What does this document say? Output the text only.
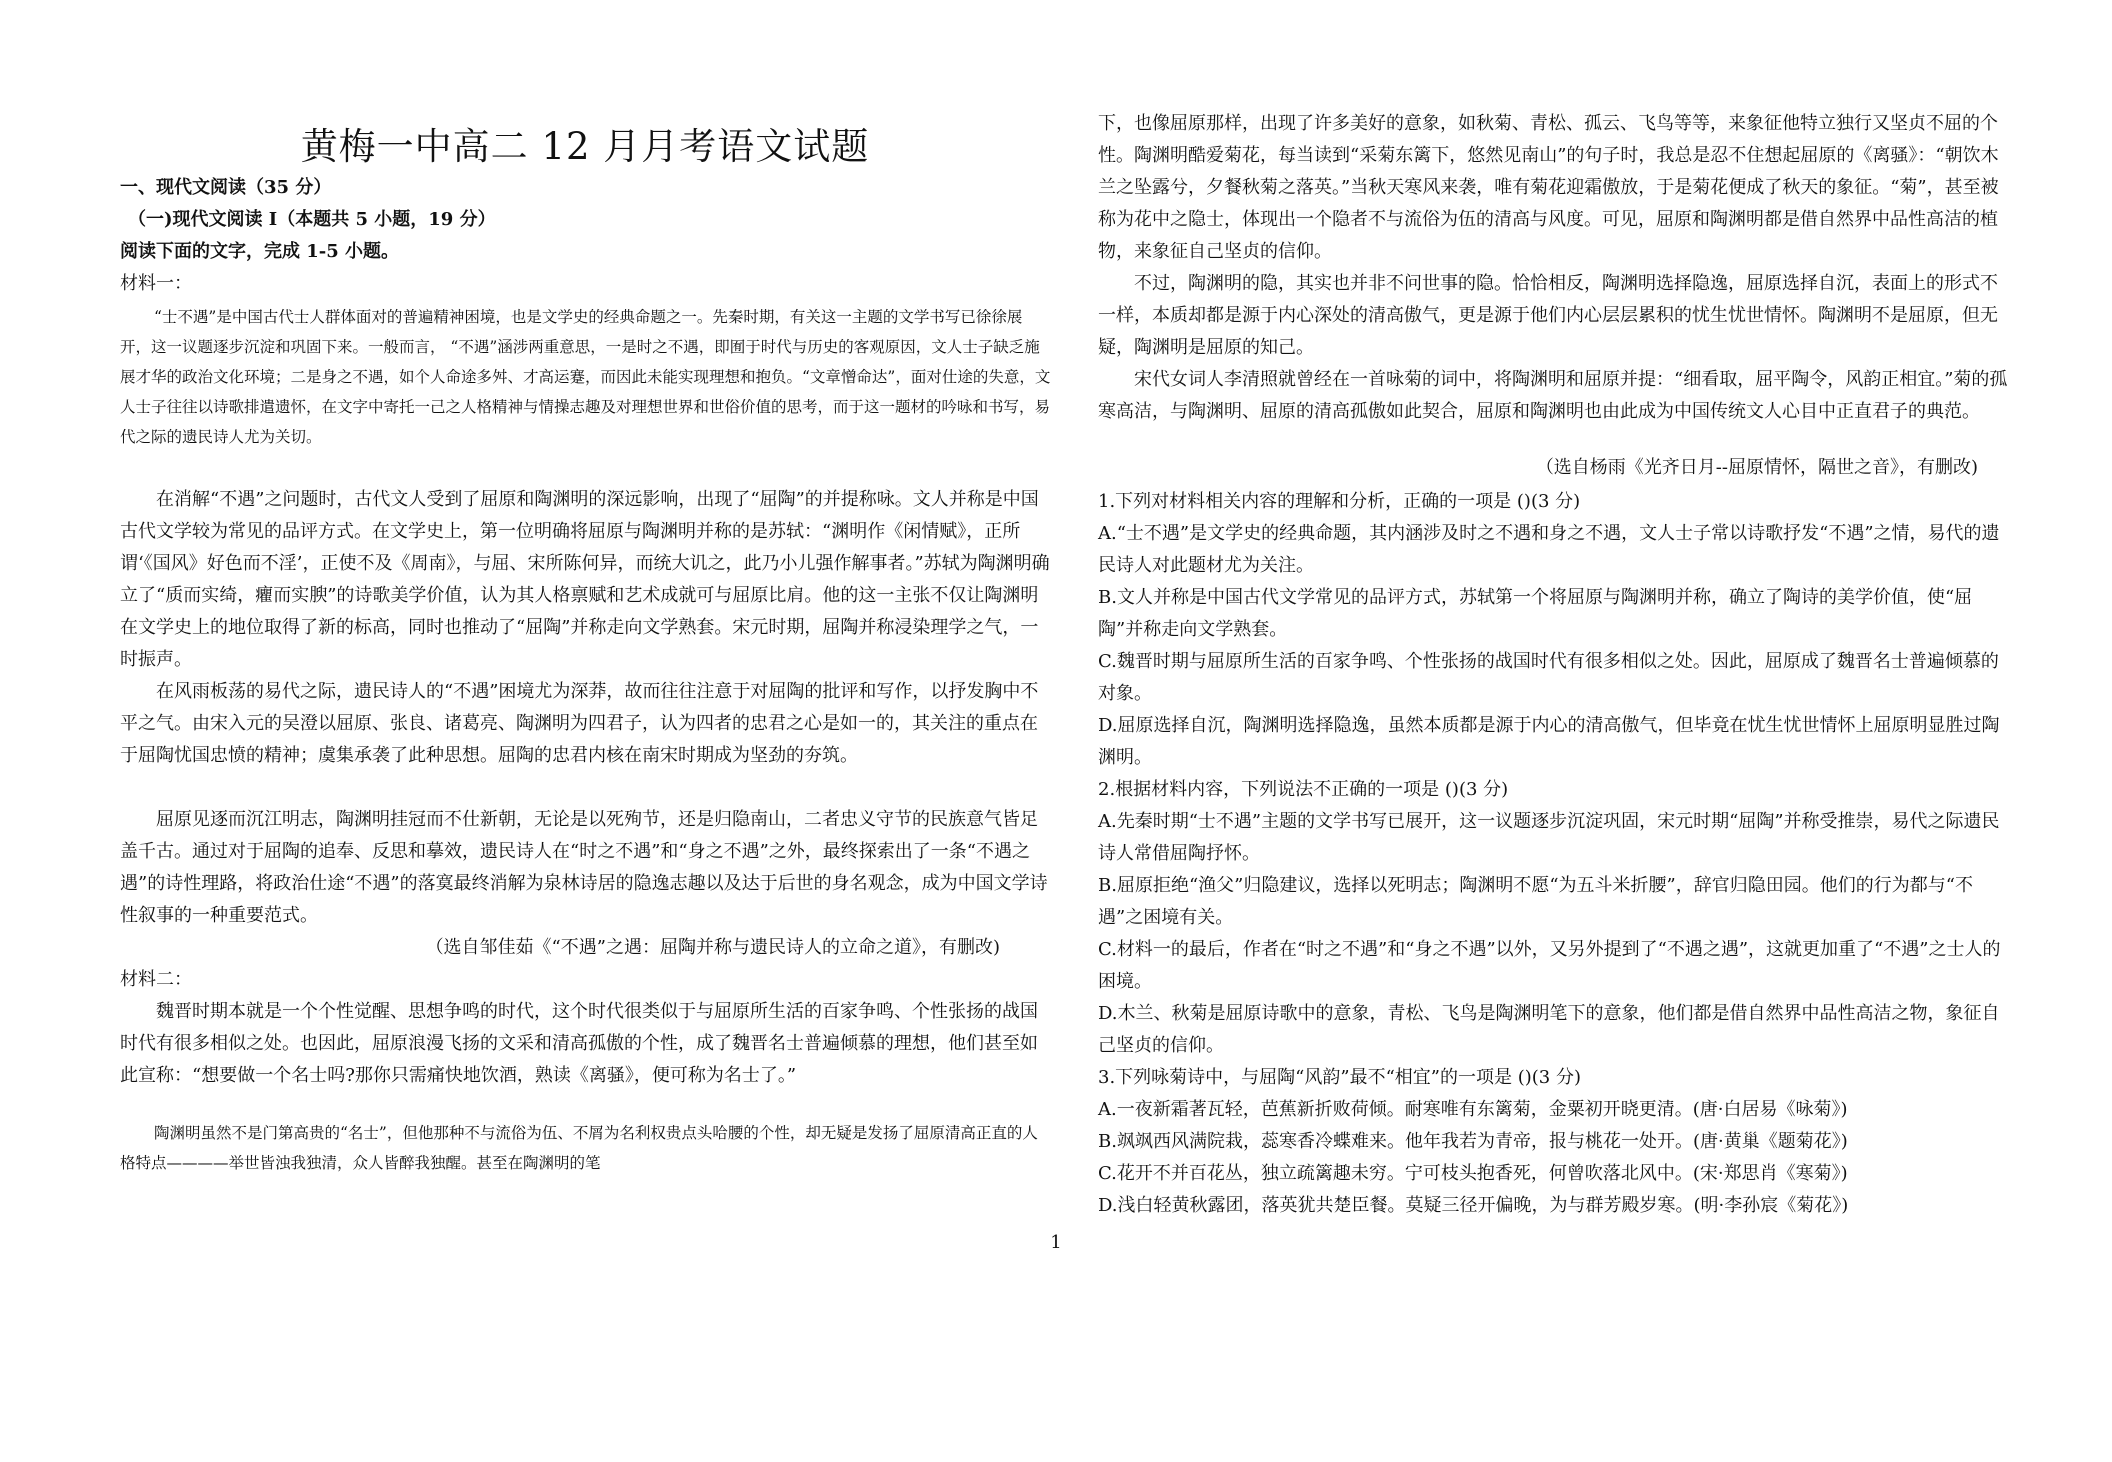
黄梅一中高二 12 月月考语文试题

一、现代文阅读（35 分）

（一)现代文阅读 I（本题共 5 小题，19 分）

阅读下面的文字，完成 1-5 小题。

材料一：

“士不遇”是中国古代士人群体面对的普遍精神困境，也是文学史的经典命题之一。先秦时期，有关这一主题的文学书写已徐徐展开，这一议题逐步沉淀和巩固下来。一般而言， “不遇”涵涉两重意思，一是时之不遇，即囿于时代与历史的客观原因，文人士子缺乏施展才华的政治文化环境；二是身之不遇，如个人命途多舛、才高运蹇，而因此未能实现理想和抱负。“文章憎命达”，面对仕途的失意，文人士子往往以诗歌排遣遗怀，在文字中寄托一己之人格精神与情操志趣及对理想世界和世俗价值的思考，而于这一题材的吟咏和书写，易代之际的遗民诗人尤为关切。

在消解“不遇”之问题时，古代文人受到了屈原和陶渊明的深远影响，出现了“屈陶”的并提称咏。文人并称是中国古代文学较为常见的品评方式。在文学史上，第一位明确将屈原与陶渊明并称的是苏轼：“渊明作《闲情赋》，正所谓‘《国风》好色而不淫’，正使不及《周南》，与屈、宋所陈何异，而统大讥之，此乃小儿强作解事者。”苏轼为陶渊明确立了“质而实绮，癯而实腴”的诗歌美学价值，认为其人格禀赋和艺术成就可与屈原比肩。他的这一主张不仅让陶渊明在文学史上的地位取得了新的标高，同时也推动了“屈陶”并称走向文学熟套。宋元时期，屈陶并称浸染理学之气，一时振声。

在风雨板荡的易代之际，遗民诗人的“不遇”困境尤为深莽，故而往往注意于对屈陶的批评和写作，以抒发胸中不平之气。由宋入元的吴澄以屈原、张良、诸葛亮、陶渊明为四君子，认为四者的忠君之心是如一的，其关注的重点在于屈陶忧国忠愤的精神；虞集承袭了此种思想。屈陶的忠君内核在南宋时期成为坚劲的夯筑。

屈原见逐而沉江明志，陶渊明挂冠而不仕新朝，无论是以死殉节，还是归隐南山，二者忠义守节的民族意气皆足盖千古。通过对于屈陶的追奉、反思和摹效，遗民诗人在“时之不遇”和“身之不遇”之外，最终探索出了一条“不遇之遇”的诗性理路，将政治仕途“不遇”的落寞最终消解为泉林诗居的隐逸志趣以及达于后世的身名观念，成为中国文学诗性叙事的一种重要范式。

（选自邹佳茹《“不遇”之遇：屈陶并称与遗民诗人的立命之道》，有删改)

材料二：

魏晋时期本就是一个个性觉醒、思想争鸣的时代，这个时代很类似于与屈原所生活的百家争鸣、个性张扬的战国时代有很多相似之处。也因此，屈原浪漫飞扬的文采和清高孤傲的个性，成了魏晋名士普遍倾慕的理想，他们甚至如此宣称：“想要做一个名士吗?那你只需痛快地饮酒，熟读《离骚》，便可称为名士了。”

陶渊明虽然不是门第高贵的“名士”，但他那种不与流俗为伍、不屑为名利权贵点头哈腰的个性，却无疑是发扬了屈原清高正直的人格特点————举世皆浊我独清，众人皆醉我独醒。甚至在陶渊明的笔

下，也像屈原那样，出现了许多美好的意象，如秋菊、青松、孤云、飞鸟等等，来象征他特立独行又坚贞不屈的个性。陶渊明酷爱菊花，每当读到“采菊东篱下，悠然见南山”的句子时，我总是忍不住想起屈原的《离骚》：“朝饮木兰之坠露兮，夕餐秋菊之落英。”当秋天寒风来袭，唯有菊花迎霜傲放，于是菊花便成了秋天的象征。“菊”，甚至被称为花中之隐士，体现出一个隐者不与流俗为伍的清高与风度。可见，屈原和陶渊明都是借自然界中品性高洁的植物，来象征自己坚贞的信仰。

不过，陶渊明的隐，其实也并非不问世事的隐。恰恰相反，陶渊明选择隐逸，屈原选择自沉，表面上的形式不一样，本质却都是源于内心深处的清高傲气，更是源于他们内心层层累积的忧生忧世情怀。陶渊明不是屈原，但无疑，陶渊明是屈原的知己。

宋代女词人李清照就曾经在一首咏菊的词中，将陶渊明和屈原并提：“细看取，屈平陶令，风韵正相宜。”菊的孤寒高洁，与陶渊明、屈原的清高孤傲如此契合，屈原和陶渊明也由此成为中国传统文人心目中正直君子的典范。

（选自杨雨《光齐日月--屈原情怀，隔世之音》，有删改)

1.下列对材料相关内容的理解和分析，正确的一项是 ()(3 分)

A.“士不遇”是文学史的经典命题，其内涵涉及时之不遇和身之不遇，文人士子常以诗歌抒发“不遇”之情，易代的遗民诗人对此题材尤为关注。

B.文人并称是中国古代文学常见的品评方式，苏轼第一个将屈原与陶渊明并称，确立了陶诗的美学价值，使“屈陶”并称走向文学熟套。

C.魏晋时期与屈原所生活的百家争鸣、个性张扬的战国时代有很多相似之处。因此，屈原成了魏晋名士普遍倾慕的对象。

D.屈原选择自沉，陶渊明选择隐逸，虽然本质都是源于内心的清高傲气，但毕竟在忧生忧世情怀上屈原明显胜过陶渊明。

2.根据材料内容，下列说法不正确的一项是 ()(3 分)

A.先秦时期“士不遇”主题的文学书写已展开，这一议题逐步沉淀巩固，宋元时期“屈陶”并称受推崇，易代之际遗民诗人常借屈陶抒怀。

B.屈原拒绝“渔父”归隐建议，选择以死明志；陶渊明不愿“为五斗米折腰”，辞官归隐田园。他们的行为都与“不遇”之困境有关。

C.材料一的最后，作者在“时之不遇”和“身之不遇”以外，又另外提到了“不遇之遇”，这就更加重了“不遇”之士人的困境。

D.木兰、秋菊是屈原诗歌中的意象，青松、飞鸟是陶渊明笔下的意象，他们都是借自然界中品性高洁之物，象征自己坚贞的信仰。

3.下列咏菊诗中，与屈陶“风韵”最不“相宜”的一项是 ()(3 分)

A.一夜新霜著瓦轻，芭蕉新折败荷倾。耐寒唯有东篱菊，金粟初开晓更清。(唐·白居易《咏菊》)

B.飒飒西风满院栽，蕊寒香冷蝶难来。他年我若为青帝，报与桃花一处开。(唐·黄巢《题菊花》)

C.花开不并百花丛，独立疏篱趣未穷。宁可枝头抱香死，何曾吹落北风中。(宋·郑思肖《寒菊》)

D.浅白轻黄秋露团，落英犹共楚臣餐。莫疑三径开偏晚，为与群芳殿岁寒。(明·李孙宸《菊花》)

1
